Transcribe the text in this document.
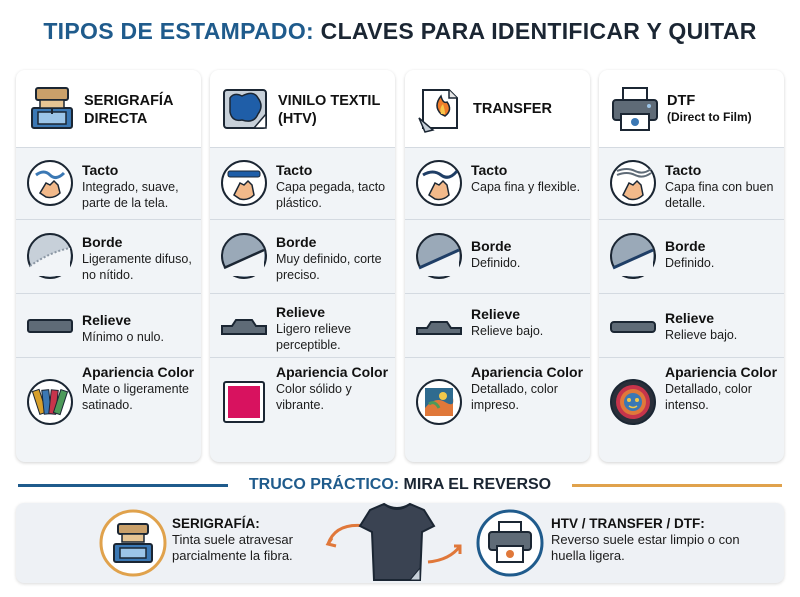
TIPOS DE ESTAMPADO: CLAVES PARA IDENTIFICAR Y QUITAR
SERIGRAFÍA DIRECTA
Tacto
Integrado, suave, parte de la tela.
Borde
Ligeramente difuso, no nítido.
Relieve
Mínimo o nulo.
Apariencia Color
Mate o ligeramente satinado.
VINILO TEXTIL (HTV)
Tacto
Capa pegada, tacto plástico.
Borde
Muy definido, corte preciso.
Relieve
Ligero relieve perceptible.
Apariencia Color
Color sólido y vibrante.
TRANSFER
Tacto
Capa fina y flexible.
Borde
Definido.
Relieve
Relieve bajo.
Apariencia Color
Detallado, color impreso.
DTF
(Direct to Film)
Tacto
Capa fina con buen detalle.
Borde
Definido.
Relieve
Relieve bajo.
Apariencia Color
Detallado, color intenso.
TRUCO PRÁCTICO: MIRA EL REVERSO
SERIGRAFÍA:
Tinta suele atravesar parcialmente la fibra.
HTV / TRANSFER / DTF:
Reverso suele estar limpio o con huella ligera.
